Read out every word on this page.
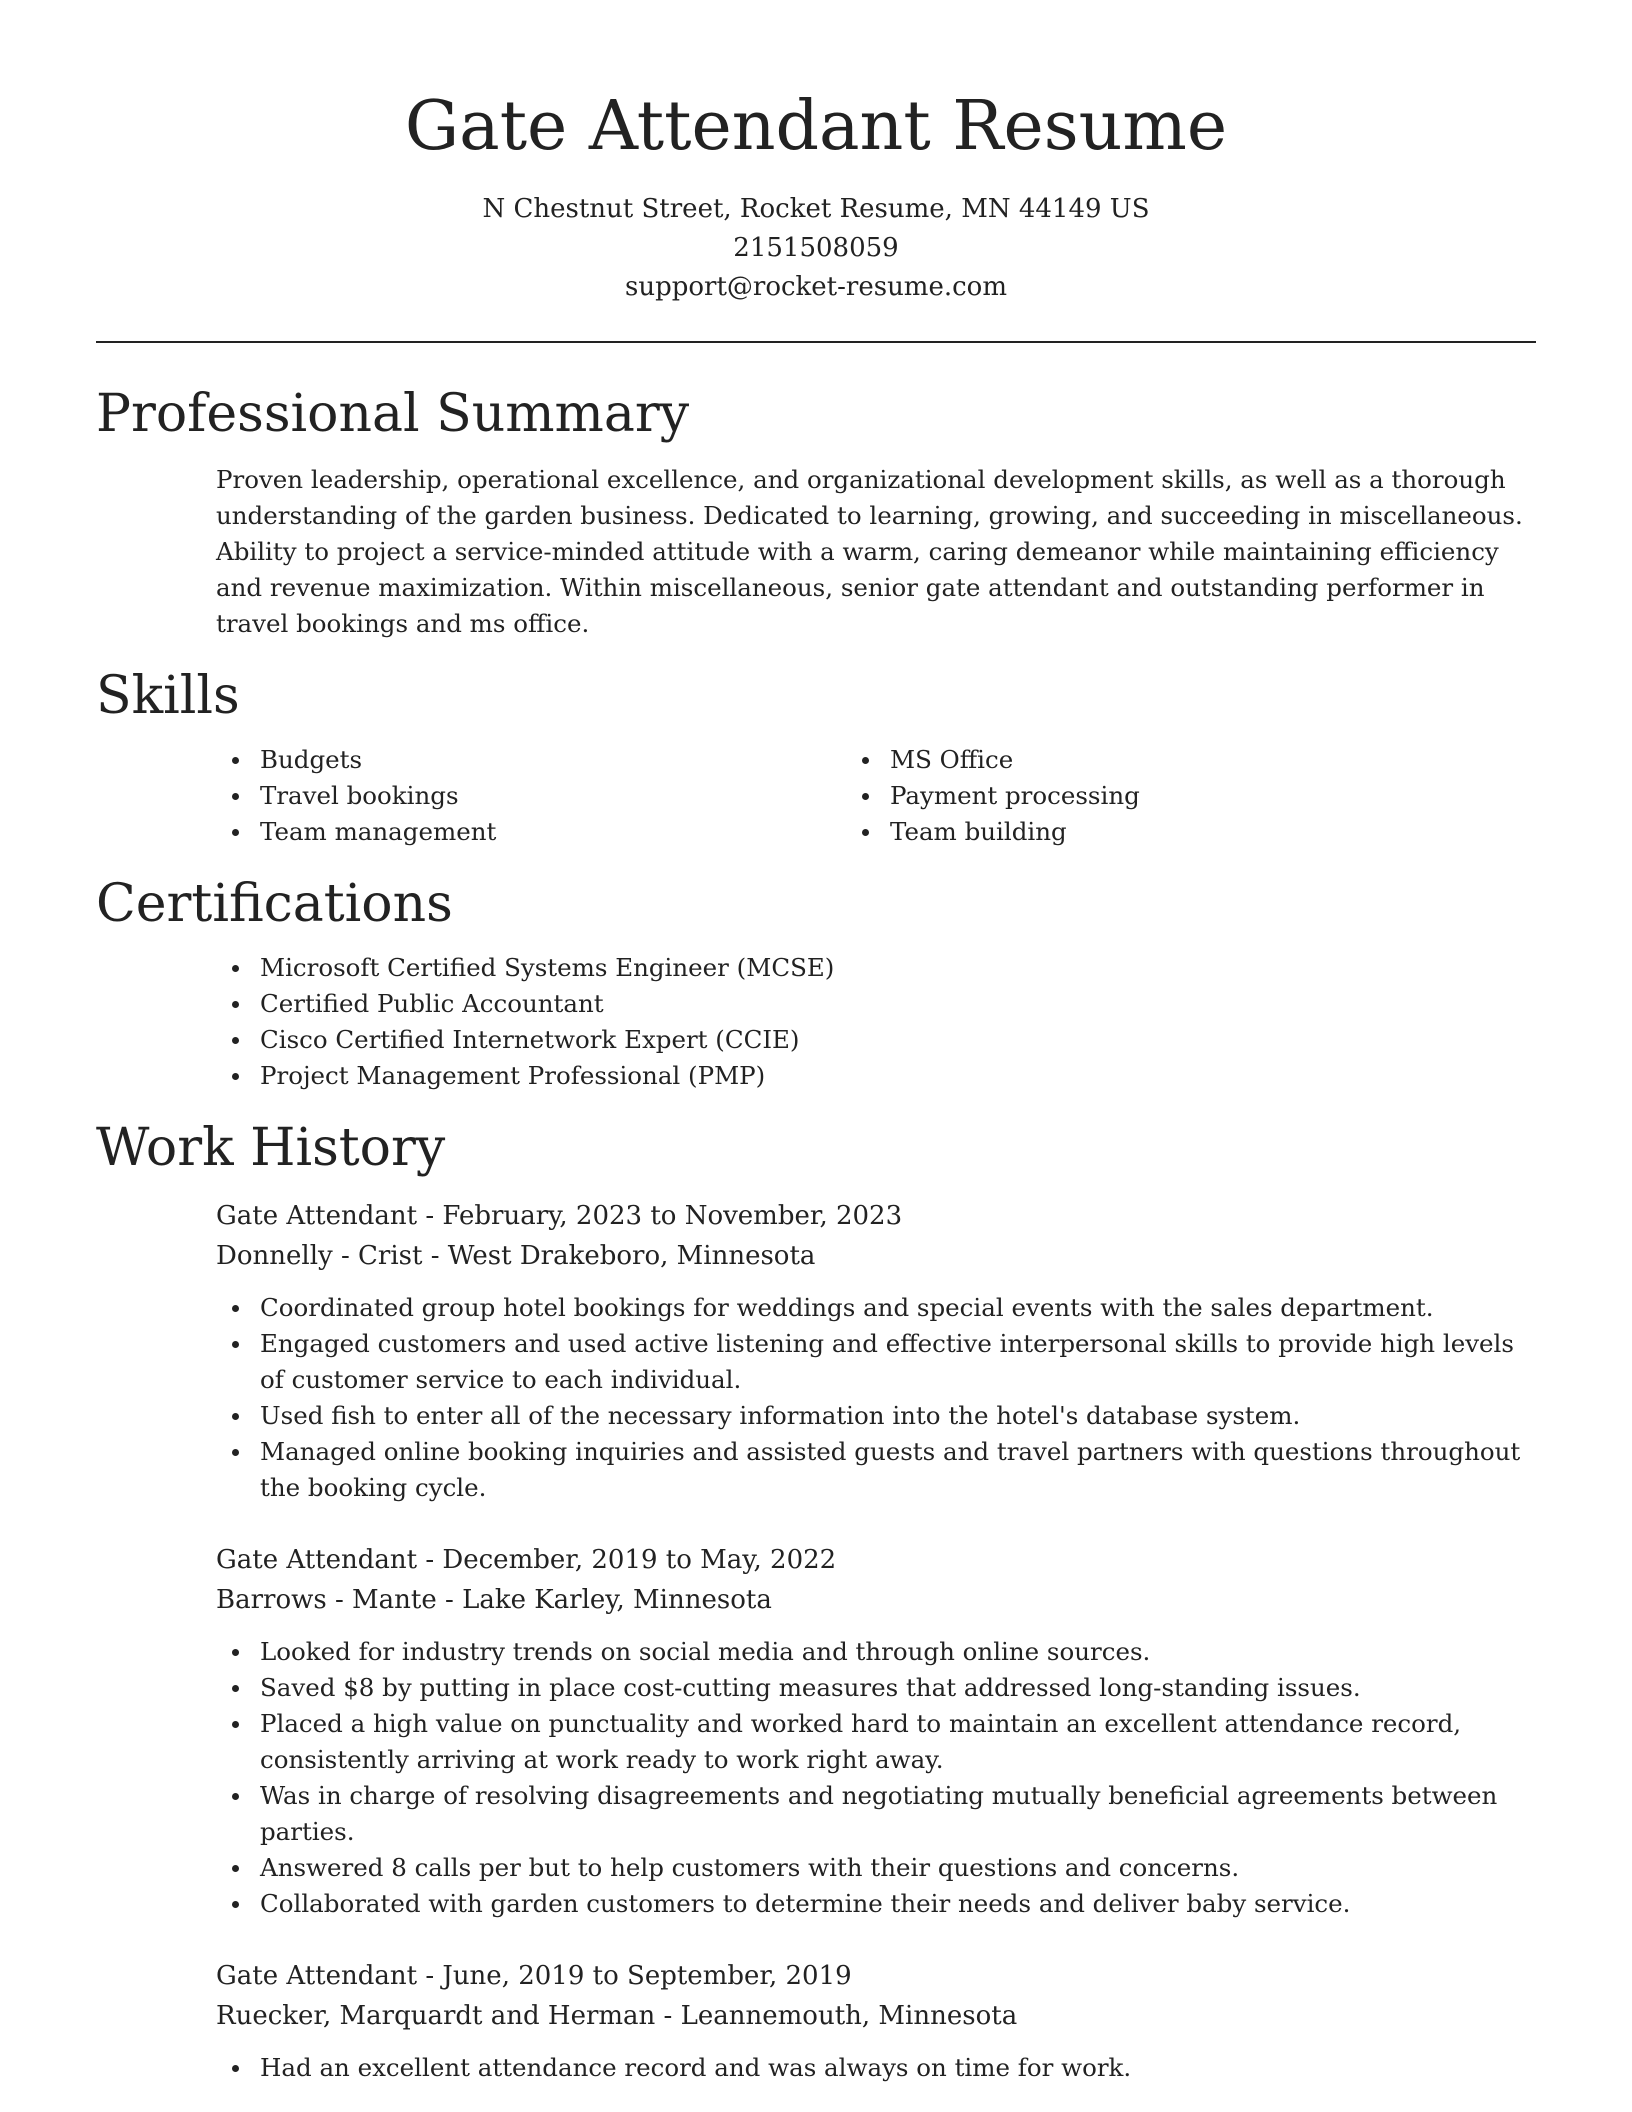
Gate Attendant Resume
N Chestnut Street, Rocket Resume, MN 44149 US
2151508059
support@rocket-resume.com
Professional Summary

Proven leadership, operational excellence, and organizational development skills, as well as a thorough understanding of the garden business. Dedicated to learning, growing, and succeeding in miscellaneous. Ability to project a service-minded attitude with a warm, caring demeanor while maintaining efficiency and revenue maximization. Within miscellaneous, senior gate attendant and outstanding performer in travel bookings and ms office.

Skills
Budgets
Travel bookings
Team management
MS Office
Payment processing
Team building
Certifications
Microsoft Certified Systems Engineer (MCSE)
Certified Public Accountant
Cisco Certified Internetwork Expert (CCIE)
Project Management Professional (PMP)
Work History
Gate Attendant - February, 2023 to November, 2023
Donnelly - Crist - West Drakeboro, Minnesota
Coordinated group hotel bookings for weddings and special events with the sales department.
Engaged customers and used active listening and effective interpersonal skills to provide high levels of customer service to each individual.
Used fish to enter all of the necessary information into the hotel's database system.
Managed online booking inquiries and assisted guests and travel partners with questions throughout the booking cycle.
Gate Attendant - December, 2019 to May, 2022
Barrows - Mante - Lake Karley, Minnesota
Looked for industry trends on social media and through online sources.
Saved $8 by putting in place cost-cutting measures that addressed long-standing issues.
Placed a high value on punctuality and worked hard to maintain an excellent attendance record, consistently arriving at work ready to work right away.
Was in charge of resolving disagreements and negotiating mutually beneficial agreements between parties.
Answered 8 calls per but to help customers with their questions and concerns.
Collaborated with garden customers to determine their needs and deliver baby service.
Gate Attendant - June, 2019 to September, 2019
Ruecker, Marquardt and Herman - Leannemouth, Minnesota
Had an excellent attendance record and was always on time for work.
